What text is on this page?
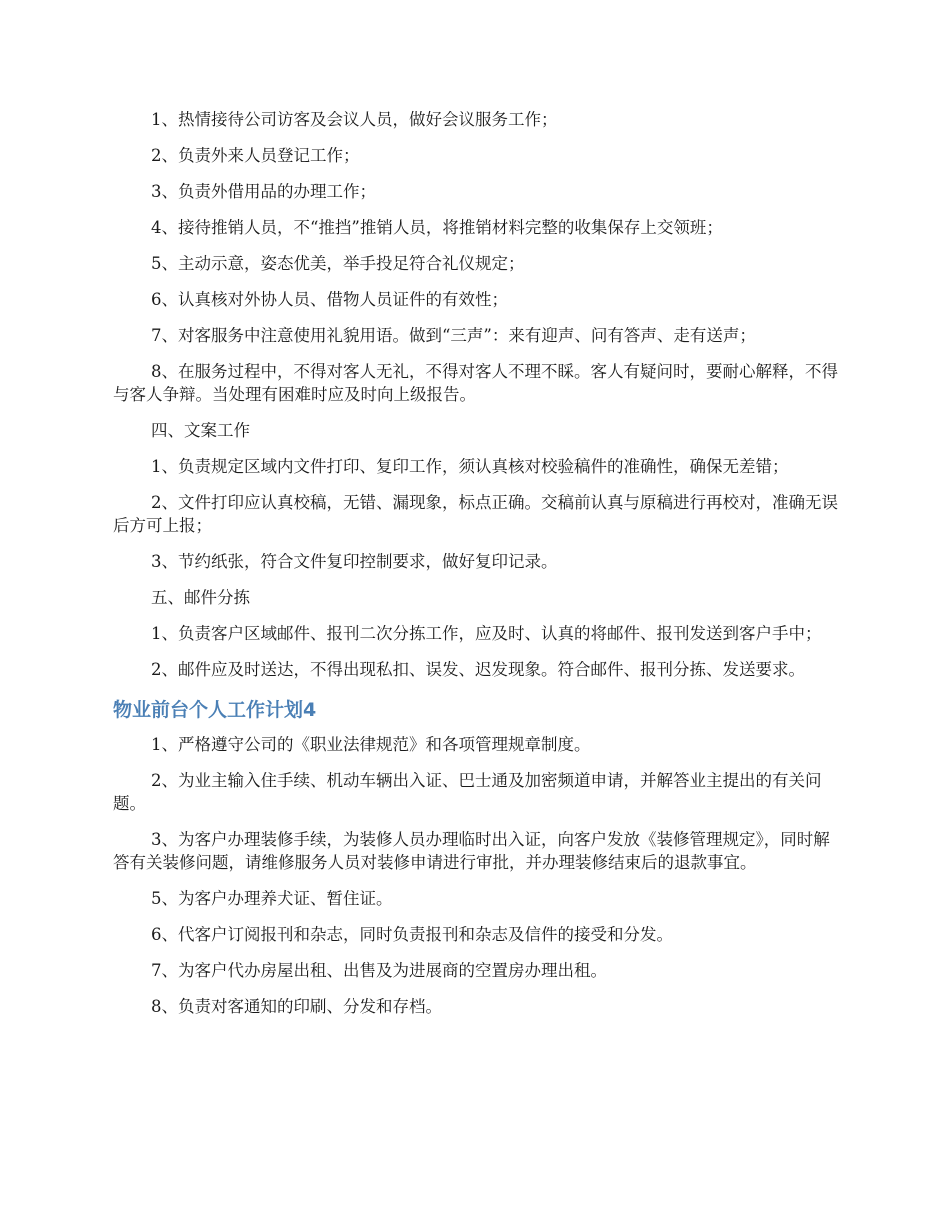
1、热情接待公司访客及会议人员，做好会议服务工作；

2、负责外来人员登记工作；

3、负责外借用品的办理工作；

4、接待推销人员，不“推挡”推销人员，将推销材料完整的收集保存上交领班；

5、主动示意，姿态优美，举手投足符合礼仪规定；

6、认真核对外协人员、借物人员证件的有效性；

7、对客服务中注意使用礼貌用语。做到“三声”：来有迎声、问有答声、走有送声；

8、在服务过程中，不得对客人无礼，不得对客人不理不睬。客人有疑问时，要耐心解释，不得与客人争辩。当处理有困难时应及时向上级报告。

四、文案工作

1、负责规定区域内文件打印、复印工作，须认真核对校验稿件的准确性，确保无差错；

2、文件打印应认真校稿，无错、漏现象，标点正确。交稿前认真与原稿进行再校对，准确无误后方可上报；

3、节约纸张，符合文件复印控制要求，做好复印记录。

五、邮件分拣

1、负责客户区域邮件、报刊二次分拣工作，应及时、认真的将邮件、报刊发送到客户手中；

2、邮件应及时送达，不得出现私扣、误发、迟发现象。符合邮件、报刊分拣、发送要求。

物业前台个人工作计划4

1、严格遵守公司的《职业法律规范》和各项管理规章制度。

2、为业主输入住手续、机动车辆出入证、巴士通及加密频道申请，并解答业主提出的有关问题。

3、为客户办理装修手续，为装修人员办理临时出入证，向客户发放《装修管理规定》，同时解答有关装修问题，请维修服务人员对装修申请进行审批，并办理装修结束后的退款事宜。

5、为客户办理养犬证、暂住证。

6、代客户订阅报刊和杂志，同时负责报刊和杂志及信件的接受和分发。

7、为客户代办房屋出租、出售及为进展商的空置房办理出租。

8、负责对客通知的印刷、分发和存档。
